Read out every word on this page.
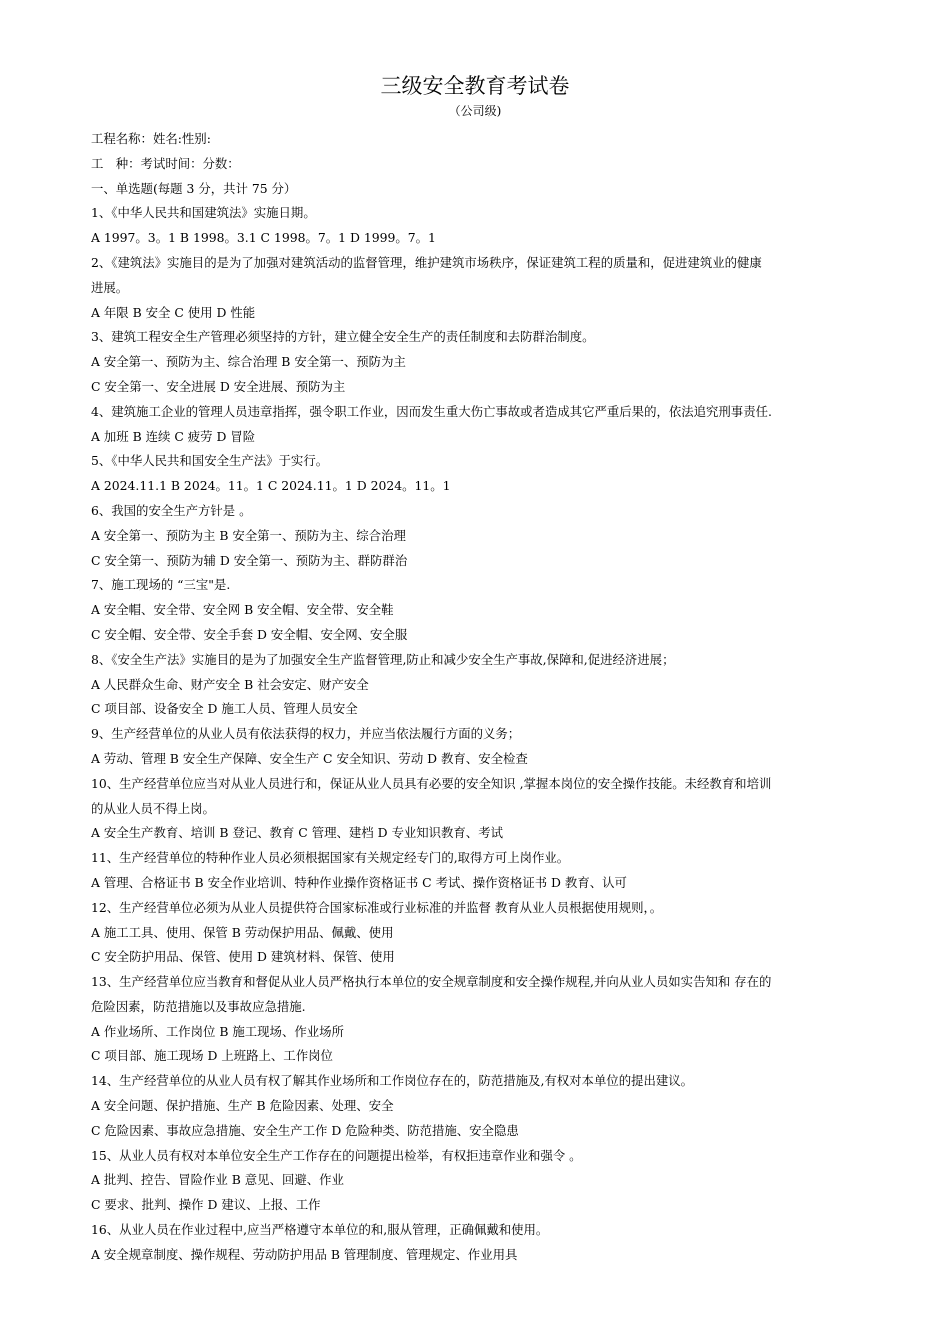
三级安全教育考试卷
（公司级)
工程名称：姓名:性别:
工　种：考试时间：分数：
一、单选题(每题 3 分，共计 75 分）
1、《中华人民共和国建筑法》实施日期。
A 1997。3。1 B 1998。3.1 C 1998。7。1 D 1999。7。1
2、《建筑法》实施目的是为了加强对建筑活动的监督管理，维护建筑市场秩序，保证建筑工程的质量和，促进建筑业的健康
进展。
A 年限 B 安全 C 使用 D 性能
3、建筑工程安全生产管理必须坚持的方针，建立健全安全生产的责任制度和去防群治制度。
A 安全第一、预防为主、综合治理 B 安全第一、预防为主
C 安全第一、安全进展 D 安全进展、预防为主
4、建筑施工企业的管理人员违章指挥，强令职工作业，因而发生重大伤亡事故或者造成其它严重后果的，依法追究刑事责任.
A 加班 B 连续 C 疲劳 D 冒险
5、《中华人民共和国安全生产法》于实行。
A 2024.11.1 B 2024。11。1 C 2024.11。1 D 2024。11。1
6、我国的安全生产方针是 。
A 安全第一、预防为主 B 安全第一、预防为主、综合治理
C 安全第一、预防为辅 D 安全第一、预防为主、群防群治
7、施工现场的 “三宝"是.
A 安全帽、安全带、安全网 B 安全帽、安全带、安全鞋
C 安全帽、安全带、安全手套 D 安全帽、安全网、安全服
8、《安全生产法》实施目的是为了加强安全生产监督管理,防止和减少安全生产事故,保障和,促进经济进展；
A 人民群众生命、财产安全 B 社会安定、财产安全
C 项目部、设备安全 D 施工人员、管理人员安全
9、生产经营单位的从业人员有依法获得的权力，并应当依法履行方面的义务；
A 劳动、管理 B 安全生产保障、安全生产 C 安全知识、劳动 D 教育、安全检查
10、生产经营单位应当对从业人员进行和，保证从业人员具有必要的安全知识 ,掌握本岗位的安全操作技能。未经教育和培训
的从业人员不得上岗。
A 安全生产教育、培训 B 登记、教育 C 管理、建档 D 专业知识教育、考试
11、生产经营单位的特种作业人员必须根据国家有关规定经专门的,取得方可上岗作业。
A 管理、合格证书 B 安全作业培训、特种作业操作资格证书 C 考试、操作资格证书 D 教育、认可
12、生产经营单位必须为从业人员提供符合国家标准或行业标准的并监督 教育从业人员根据使用规则，。
A 施工工具、使用、保管 B 劳动保护用品、佩戴、使用
C 安全防护用品、保管、使用 D 建筑材料、保管、使用
13、生产经营单位应当教育和督促从业人员严格执行本单位的安全规章制度和安全操作规程,并向从业人员如实告知和 存在的
危险因素，防范措施以及事故应急措施.
A 作业场所、工作岗位 B 施工现场、作业场所
C 项目部、施工现场 D 上班路上、工作岗位
14、生产经营单位的从业人员有权了解其作业场所和工作岗位存在的，防范措施及,有权对本单位的提出建议。
A 安全问题、保护措施、生产 B 危险因素、处理、安全
C 危险因素、事故应急措施、安全生产工作 D 危险种类、防范措施、安全隐患
15、从业人员有权对本单位安全生产工作存在的问题提出检举，有权拒违章作业和强令 。
A 批判、控告、冒险作业 B 意见、回避、作业
C 要求、批判、操作 D 建议、上报、工作
16、从业人员在作业过程中,应当严格遵守本单位的和,服从管理，正确佩戴和使用。
A 安全规章制度、操作规程、劳动防护用品 B 管理制度、管理规定、作业用具
